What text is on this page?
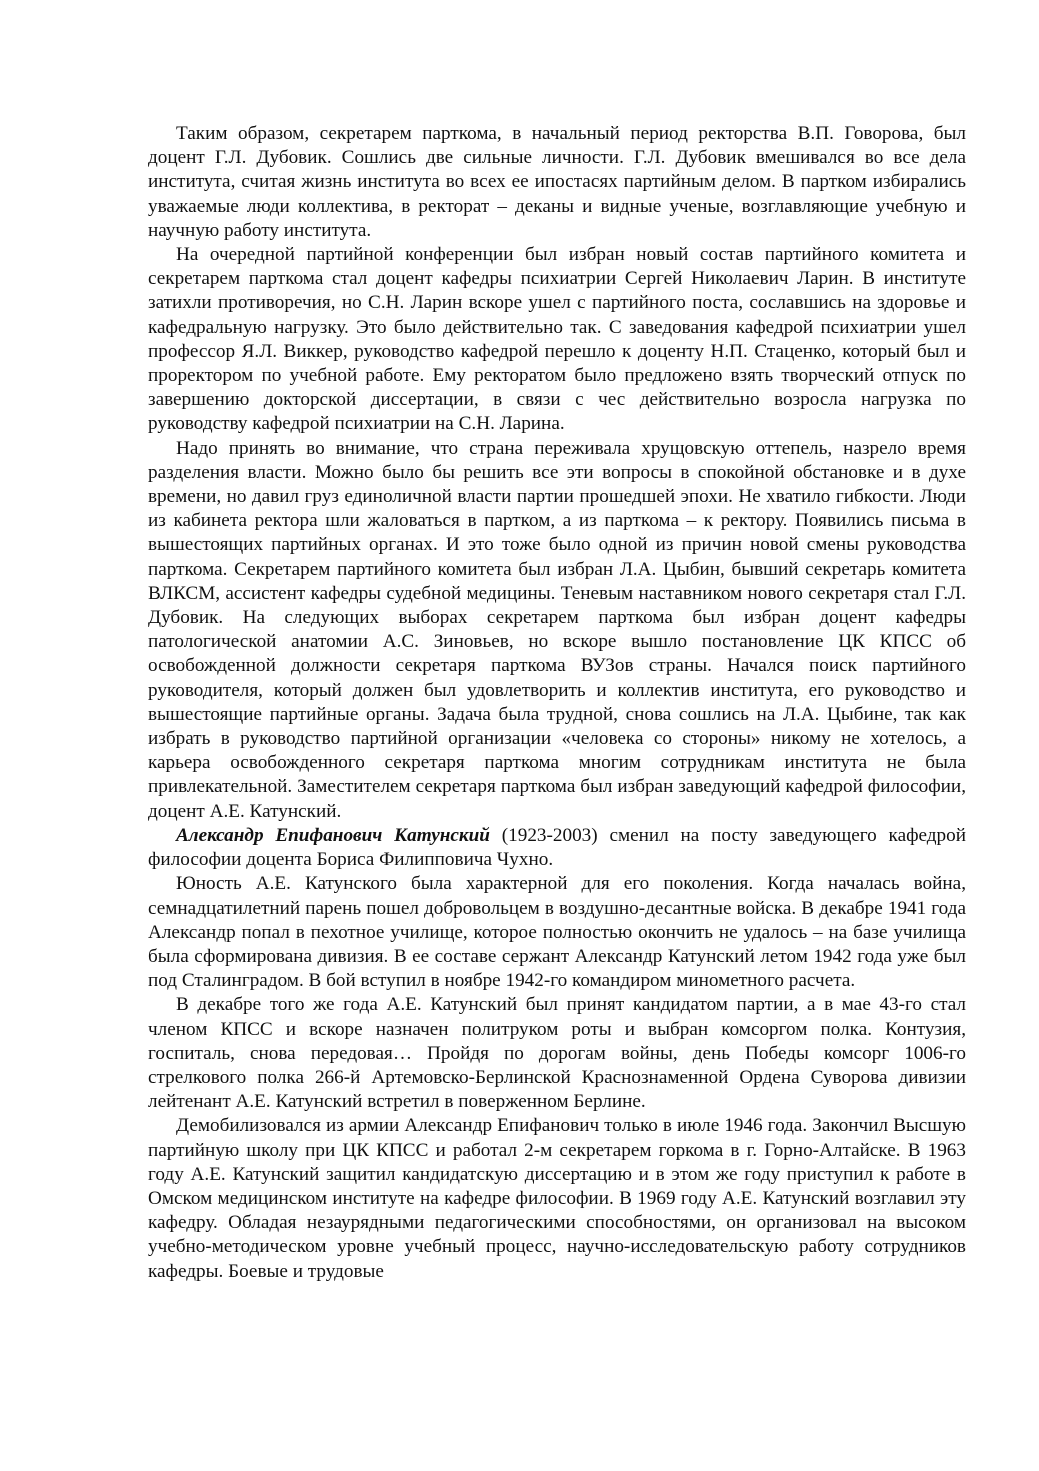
Таким образом, секретарем парткома, в начальный период ректорства В.П. Говорова, был доцент Г.Л. Дубовик. Сошлись две сильные личности. Г.Л. Дубовик вмешивался во все дела института, считая жизнь института во всех ее ипостасях партийным делом. В партком избирались уважаемые люди коллектива, в ректорат – деканы и видные ученые, возглавляющие учебную и научную работу института.

На очередной партийной конференции был избран новый состав партийного комитета и секретарем парткома стал доцент кафедры психиатрии Сергей Николаевич Ларин. В институте затихли противоречия, но С.Н. Ларин вскоре ушел с партийного поста, сославшись на здоровье и кафедральную нагрузку. Это было действительно так. С заведования кафедрой психиатрии ушел профессор Я.Л. Виккер, руководство кафедрой перешло к доценту Н.П. Стаценко, который был и проректором по учебной работе. Ему ректоратом было предложено взять творческий отпуск по завершению докторской диссертации, в связи с чес действительно возросла нагрузка по руководству кафедрой психиатрии на С.Н. Ларина.

Надо принять во внимание, что страна переживала хрущовскую оттепель, назрело время разделения власти. Можно было бы решить все эти вопросы в спокойной обстановке и в духе времени, но давил груз единоличной власти партии прошедшей эпохи. Не хватило гибкости. Люди из кабинета ректора шли жаловаться в партком, а из парткома – к ректору. Появились письма в вышестоящих партийных органах. И это тоже было одной из причин новой смены руководства парткома. Секретарем партийного комитета был избран Л.А. Цыбин, бывший секретарь комитета ВЛКСМ, ассистент кафедры судебной медицины. Теневым наставником нового секретаря стал Г.Л. Дубовик. На следующих выборах секретарем парткома был избран доцент кафедры патологической анатомии А.С. Зиновьев, но вскоре вышло постановление ЦК КПСС об освобожденной должности секретаря парткома ВУЗов страны. Начался поиск партийного руководителя, который должен был удовлетворить и коллектив института, его руководство и вышестоящие партийные органы. Задача была трудной, снова сошлись на Л.А. Цыбине, так как избрать в руководство партийной организации «человека со стороны» никому не хотелось, а карьера освобожденного секретаря парткома многим сотрудникам института не была привлекательной. Заместителем секретаря парткома был избран заведующий кафедрой философии, доцент А.Е. Катунский.

Александр Епифанович Катунский (1923-2003) сменил на посту заведующего кафедрой философии доцента Бориса Филипповича Чухно.

Юность А.Е. Катунского была характерной для его поколения. Когда началась война, семнадцатилетний парень пошел добровольцем в воздушно-десантные войска. В декабре 1941 года Александр попал в пехотное училище, которое полностью окончить не удалось – на базе училища была сформирована дивизия. В ее составе сержант Александр Катунский летом 1942 года уже был под Сталинградом. В бой вступил в ноябре 1942-го командиром минометного расчета.

В декабре того же года А.Е. Катунский был принят кандидатом партии, а в мае 43-го стал членом КПСС и вскоре назначен политруком роты и выбран комсоргом полка. Контузия, госпиталь, снова передовая… Пройдя по дорогам войны, день Победы комсорг 1006-го стрелкового полка 266-й Артемовско-Берлинской Краснознаменной Ордена Суворова дивизии лейтенант А.Е. Катунский встретил в поверженном Берлине.

Демобилизовался из армии Александр Епифанович только в июле 1946 года. Закончил Высшую партийную школу при ЦК КПСС и работал 2-м секретарем горкома в г. Горно-Алтайске. В 1963 году А.Е. Катунский защитил кандидатскую диссертацию и в этом же году приступил к работе в Омском медицинском институте на кафедре философии. В 1969 году А.Е. Катунский возглавил эту кафедру. Обладая незаурядными педагогическими способностями, он организовал на высоком учебно-методическом уровне учебный процесс, научно-исследовательскую работу сотрудников кафедры. Боевые и трудовые
